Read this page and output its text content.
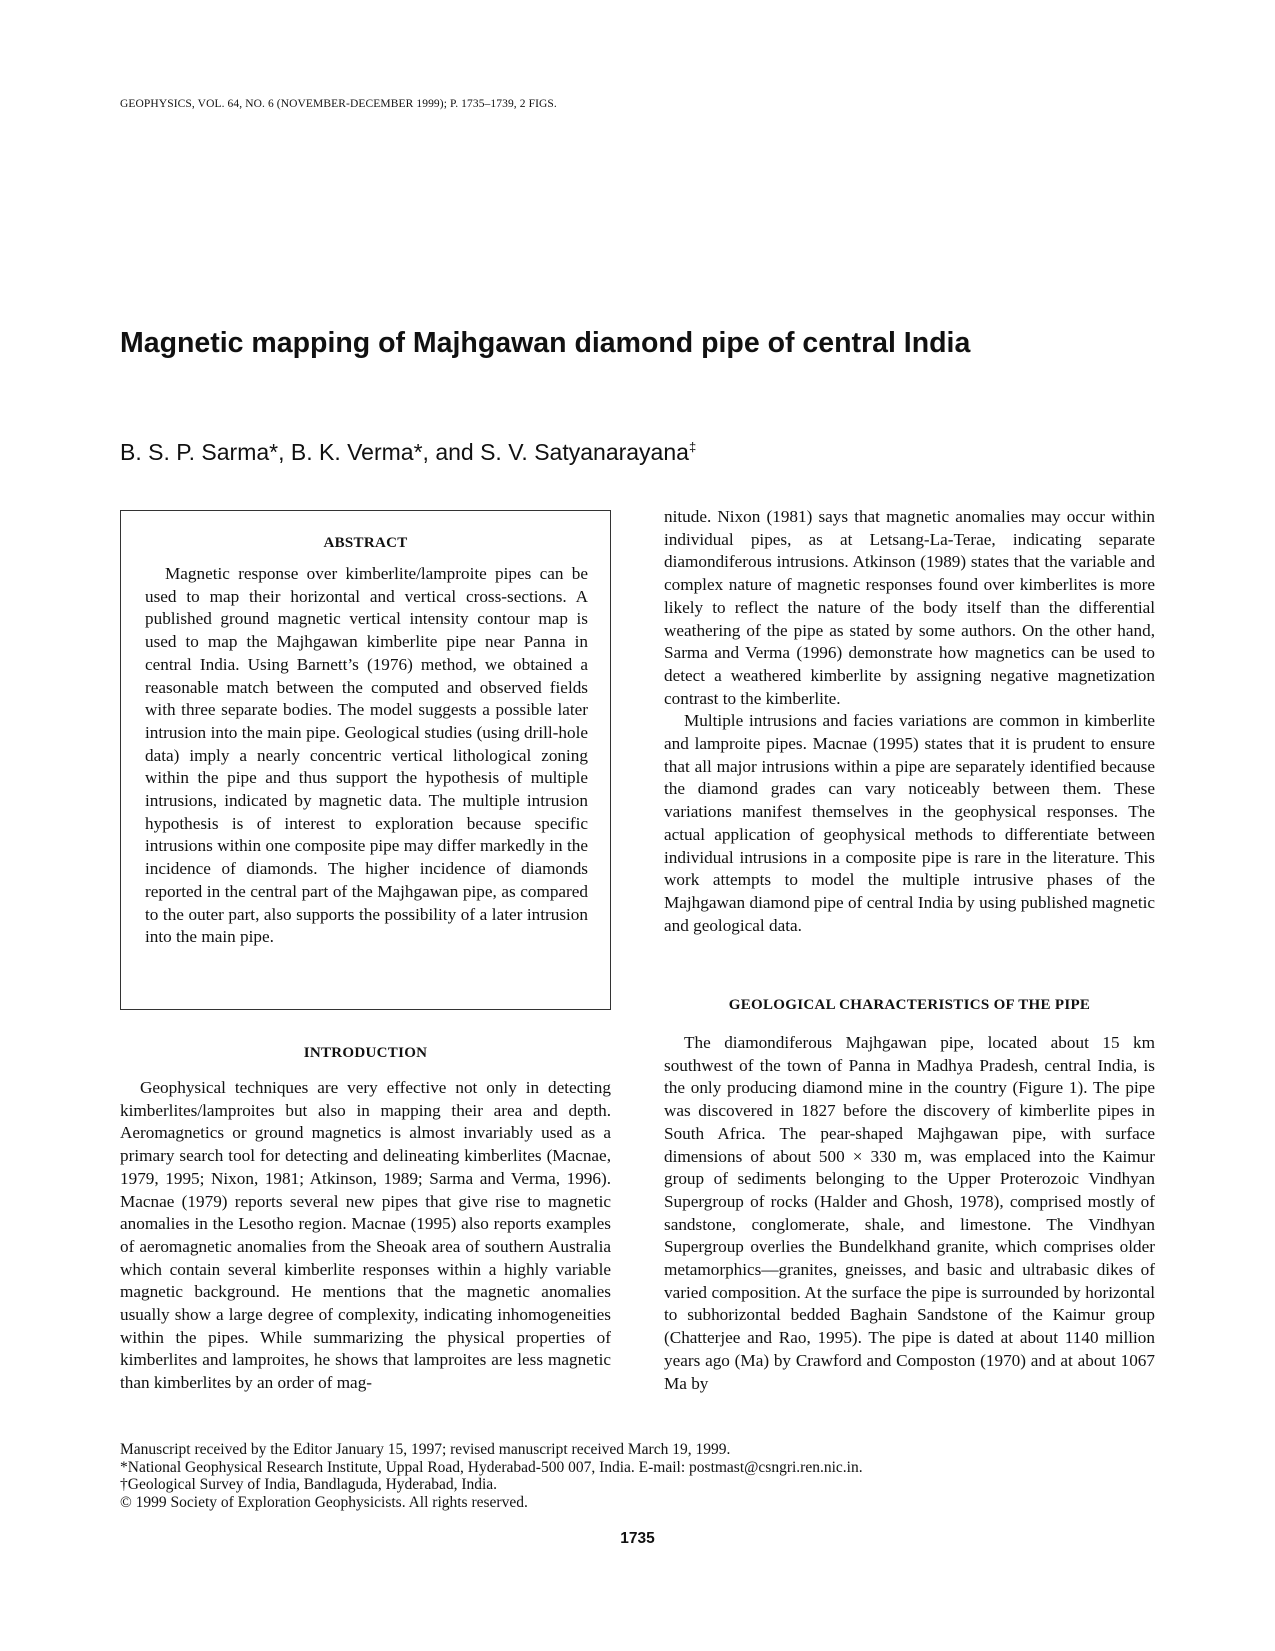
GEOPHYSICS, VOL. 64, NO. 6 (NOVEMBER-DECEMBER 1999); P. 1735–1739, 2 FIGS.
Magnetic mapping of Majhgawan diamond pipe of central India
B. S. P. Sarma*, B. K. Verma*, and S. V. Satyanarayana‡
ABSTRACT

Magnetic response over kimberlite/lamproite pipes can be used to map their horizontal and vertical cross-sections. A published ground magnetic vertical intensity contour map is used to map the Majhgawan kimberlite pipe near Panna in central India. Using Barnett’s (1976) method, we obtained a reasonable match between the computed and observed fields with three separate bodies. The model suggests a possible later intrusion into the main pipe. Geological studies (using drill-hole data) imply a nearly concentric vertical lithological zoning within the pipe and thus support the hypothesis of multiple intrusions, indicated by magnetic data. The multiple intrusion hypothesis is of interest to exploration because specific intrusions within one composite pipe may differ markedly in the incidence of diamonds. The higher incidence of diamonds reported in the central part of the Majhgawan pipe, as compared to the outer part, also supports the possibility of a later intrusion into the main pipe.

INTRODUCTION

Geophysical techniques are very effective not only in detecting kimberlites/lamproites but also in mapping their area and depth. Aeromagnetics or ground magnetics is almost invariably used as a primary search tool for detecting and delineating kimberlites (Macnae, 1979, 1995; Nixon, 1981; Atkinson, 1989; Sarma and Verma, 1996). Macnae (1979) reports several new pipes that give rise to magnetic anomalies in the Lesotho region. Macnae (1995) also reports examples of aeromagnetic anomalies from the Sheoak area of southern Australia which contain several kimberlite responses within a highly variable magnetic background. He mentions that the magnetic anomalies usually show a large degree of complexity, indicating inhomogeneities within the pipes. While summarizing the physical properties of kimberlites and lamproites, he shows that lamproites are less magnetic than kimberlites by an order of mag-

nitude. Nixon (1981) says that magnetic anomalies may occur within individual pipes, as at Letsang-La-Terae, indicating separate diamondiferous intrusions. Atkinson (1989) states that the variable and complex nature of magnetic responses found over kimberlites is more likely to reflect the nature of the body itself than the differential weathering of the pipe as stated by some authors. On the other hand, Sarma and Verma (1996) demonstrate how magnetics can be used to detect a weathered kimberlite by assigning negative magnetization contrast to the kimberlite.

Multiple intrusions and facies variations are common in kimberlite and lamproite pipes. Macnae (1995) states that it is prudent to ensure that all major intrusions within a pipe are separately identified because the diamond grades can vary noticeably between them. These variations manifest themselves in the geophysical responses. The actual application of geophysical methods to differentiate between individual intrusions in a composite pipe is rare in the literature. This work attempts to model the multiple intrusive phases of the Majhgawan diamond pipe of central India by using published magnetic and geological data.

GEOLOGICAL CHARACTERISTICS OF THE PIPE

The diamondiferous Majhgawan pipe, located about 15 km southwest of the town of Panna in Madhya Pradesh, central India, is the only producing diamond mine in the country (Figure 1). The pipe was discovered in 1827 before the discovery of kimberlite pipes in South Africa. The pear-shaped Majhgawan pipe, with surface dimensions of about 500 × 330 m, was emplaced into the Kaimur group of sediments belonging to the Upper Proterozoic Vindhyan Supergroup of rocks (Halder and Ghosh, 1978), comprised mostly of sandstone, conglomerate, shale, and limestone. The Vindhyan Supergroup overlies the Bundelkhand granite, which comprises older metamorphics—granites, gneisses, and basic and ultrabasic dikes of varied composition. At the surface the pipe is surrounded by horizontal to subhorizontal bedded Baghain Sandstone of the Kaimur group (Chatterjee and Rao, 1995). The pipe is dated at about 1140 million years ago (Ma) by Crawford and Composton (1970) and at about 1067 Ma by

Manuscript received by the Editor January 15, 1997; revised manuscript received March 19, 1999.
*National Geophysical Research Institute, Uppal Road, Hyderabad-500 007, India. E-mail: postmast@csngri.ren.nic.in.
†Geological Survey of India, Bandlaguda, Hyderabad, India.
© 1999 Society of Exploration Geophysicists. All rights reserved.
1735
